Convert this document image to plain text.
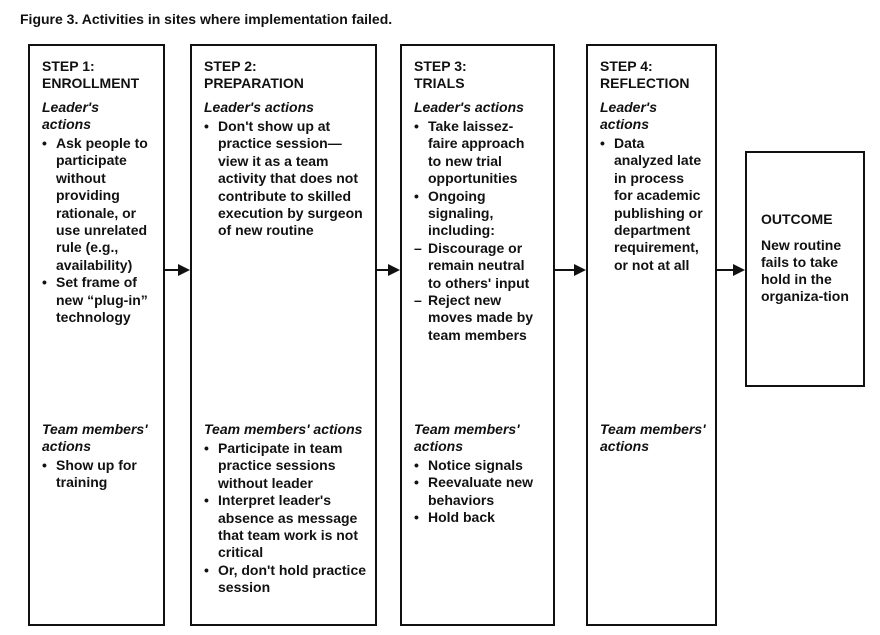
Figure 3. Activities in sites where implementation failed.
STEP 1:
ENROLLMENT
Leader's actions
• Ask people to participate without providing rationale, or use unrelated rule (e.g., availability)
• Set frame of new “plug-in” technology
Team members' actions
• Show up for training
STEP 2:
PREPARATION
Leader's actions
• Don't show up at practice session—view it as a team activity that does not contribute to skilled execution by surgeon of new routine
Team members' actions
• Participate in team practice sessions without leader
• Interpret leader's absence as message that team work is not critical
• Or, don't hold practice session
STEP 3:
TRIALS
Leader's actions
• Take laissez-faire approach to new trial opportunities
• Ongoing signaling, including:
– Discourage or remain neutral to others' input
– Reject new moves made by team members
Team members' actions
• Notice signals
• Reevaluate new behaviors
• Hold back
STEP 4:
REFLECTION
Leader's actions
• Data analyzed late in process for academic publishing or department requirement, or not at all
Team members' actions
OUTCOME
New routine fails to take hold in the organiza-tion
